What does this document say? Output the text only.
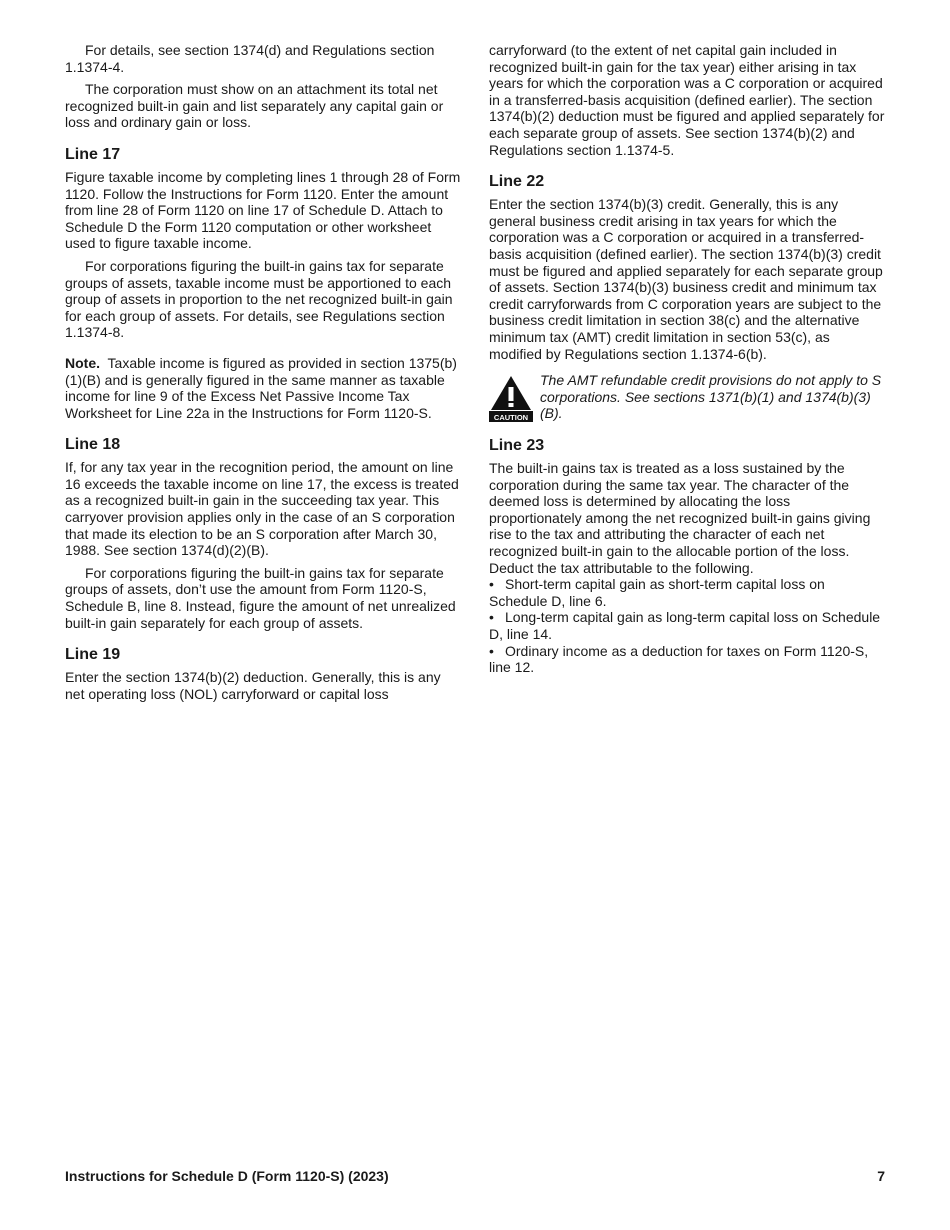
For details, see section 1374(d) and Regulations section 1.1374-4.

The corporation must show on an attachment its total net recognized built-in gain and list separately any capital gain or loss and ordinary gain or loss.

Line 17

Figure taxable income by completing lines 1 through 28 of Form 1120. Follow the Instructions for Form 1120. Enter the amount from line 28 of Form 1120 on line 17 of Schedule D. Attach to Schedule D the Form 1120 computation or other worksheet used to figure taxable income.

For corporations figuring the built-in gains tax for separate groups of assets, taxable income must be apportioned to each group of assets in proportion to the net recognized built-in gain for each group of assets. For details, see Regulations section 1.1374-8.

Note. Taxable income is figured as provided in section 1375(b)(1)(B) and is generally figured in the same manner as taxable income for line 9 of the Excess Net Passive Income Tax Worksheet for Line 22a in the Instructions for Form 1120-S.

Line 18

If, for any tax year in the recognition period, the amount on line 16 exceeds the taxable income on line 17, the excess is treated as a recognized built-in gain in the succeeding tax year. This carryover provision applies only in the case of an S corporation that made its election to be an S corporation after March 30, 1988. See section 1374(d)(2)(B).

For corporations figuring the built-in gains tax for separate groups of assets, don’t use the amount from Form 1120-S, Schedule B, line 8. Instead, figure the amount of net unrealized built-in gain separately for each group of assets.

Line 19

Enter the section 1374(b)(2) deduction. Generally, this is any net operating loss (NOL) carryforward or capital loss

carryforward (to the extent of net capital gain included in recognized built-in gain for the tax year) either arising in tax years for which the corporation was a C corporation or acquired in a transferred-basis acquisition (defined earlier). The section 1374(b)(2) deduction must be figured and applied separately for each separate group of assets. See section 1374(b)(2) and Regulations section 1.1374-5.

Line 22

Enter the section 1374(b)(3) credit. Generally, this is any general business credit arising in tax years for which the corporation was a C corporation or acquired in a transferred-basis acquisition (defined earlier). The section 1374(b)(3) credit must be figured and applied separately for each separate group of assets. Section 1374(b)(3) business credit and minimum tax credit carryforwards from C corporation years are subject to the business credit limitation in section 38(c) and the alternative minimum tax (AMT) credit limitation in section 53(c), as modified by Regulations section 1.1374-6(b).

CAUTION
The AMT refundable credit provisions do not apply to S corporations. See sections 1371(b)(1) and 1374(b)(3)(B).
Line 23

The built-in gains tax is treated as a loss sustained by the corporation during the same tax year. The character of the deemed loss is determined by allocating the loss proportionately among the net recognized built-in gains giving rise to the tax and attributing the character of each net recognized built-in gain to the allocable portion of the loss. Deduct the tax attributable to the following.

• Short-term capital gain as short-term capital loss on Schedule D, line 6.
• Long-term capital gain as long-term capital loss on Schedule D, line 14.
• Ordinary income as a deduction for taxes on Form 1120-S, line 12.
Instructions for Schedule D (Form 1120-S) (2023)	7
